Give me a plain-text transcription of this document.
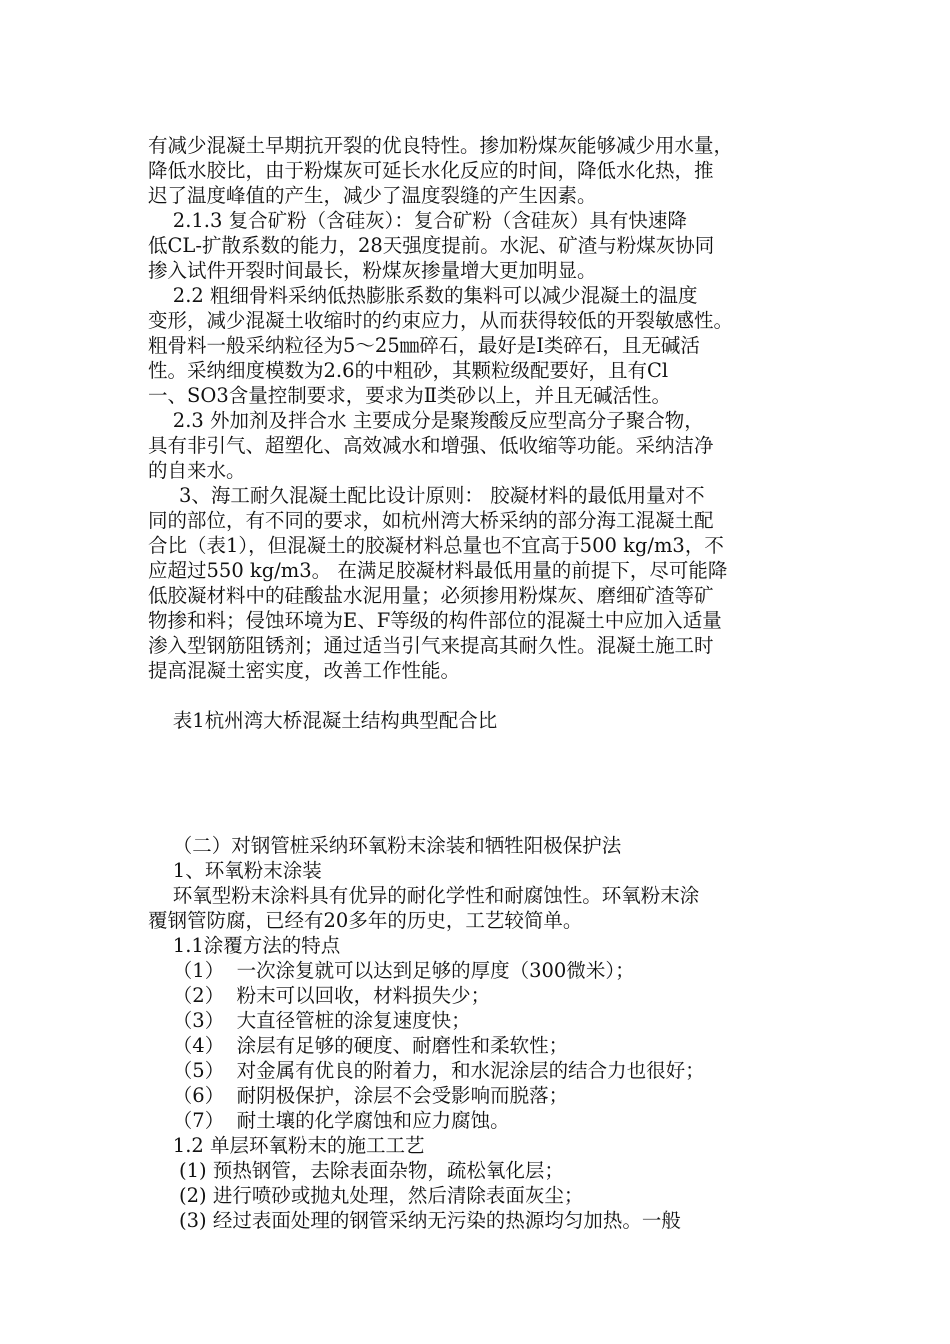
有减少混凝土早期抗开裂的优良特性。掺加粉煤灰能够减少用水量，
降低水胶比，由于粉煤灰可延长水化反应的时间，降低水化热，推
迟了温度峰值的产生，减少了温度裂缝的产生因素。
2.1.3 复合矿粉（含硅灰）：复合矿粉（含硅灰）具有快速降
低CL-扩散系数的能力，28天强度提前。水泥、矿渣与粉煤灰协同
掺入试件开裂时间最长，粉煤灰掺量增大更加明显。
2.2 粗细骨料采纳低热膨胀系数的集料可以减少混凝土的温度
变形，减少混凝土收缩时的约束应力，从而获得较低的开裂敏感性。
粗骨料一般采纳粒径为5～25㎜碎石，最好是Ⅰ类碎石，且无碱活
性。采纳细度模数为2.6的中粗砂，其颗粒级配要好，且有Cl
一、SO3含量控制要求，要求为Ⅱ类砂以上，并且无碱活性。
2.3 外加剂及拌合水 主要成分是聚羧酸反应型高分子聚合物，
具有非引气、超塑化、高效减水和增强、低收缩等功能。采纳洁净
的自来水。
3、海工耐久混凝土配比设计原则： 胶凝材料的最低用量对不
同的部位，有不同的要求，如杭州湾大桥采纳的部分海工混凝土配
合比（表1），但混凝土的胶凝材料总量也不宜高于500 kg/m3，不
应超过550 kg/m3。 在满足胶凝材料最低用量的前提下，尽可能降
低胶凝材料中的硅酸盐水泥用量；必须掺用粉煤灰、磨细矿渣等矿
物掺和料；侵蚀环境为E、F等级的构件部位的混凝土中应加入适量
渗入型钢筋阻锈剂；通过适当引气来提高其耐久性。混凝土施工时
提高混凝土密实度，改善工作性能。
表1杭州湾大桥混凝土结构典型配合比
（二）对钢管桩采纳环氧粉末涂装和牺牲阳极保护法
1、环氧粉末涂装
环氧型粉末涂料具有优异的耐化学性和耐腐蚀性。环氧粉末涂
覆钢管防腐，已经有20多年的历史，工艺较简单。
1.1涂覆方法的特点
（1）  一次涂复就可以达到足够的厚度（300微米）；
（2）  粉末可以回收，材料损失少；
（3）  大直径管桩的涂复速度快；
（4）  涂层有足够的硬度、耐磨性和柔软性；
（5）  对金属有优良的附着力，和水泥涂层的结合力也很好；
（6）  耐阴极保护，涂层不会受影响而脱落；
（7）  耐土壤的化学腐蚀和应力腐蚀。
1.2 单层环氧粉末的施工工艺
(1) 预热钢管，去除表面杂物，疏松氧化层；
(2) 进行喷砂或抛丸处理，然后清除表面灰尘；
(3) 经过表面处理的钢管采纳无污染的热源均匀加热。一般
